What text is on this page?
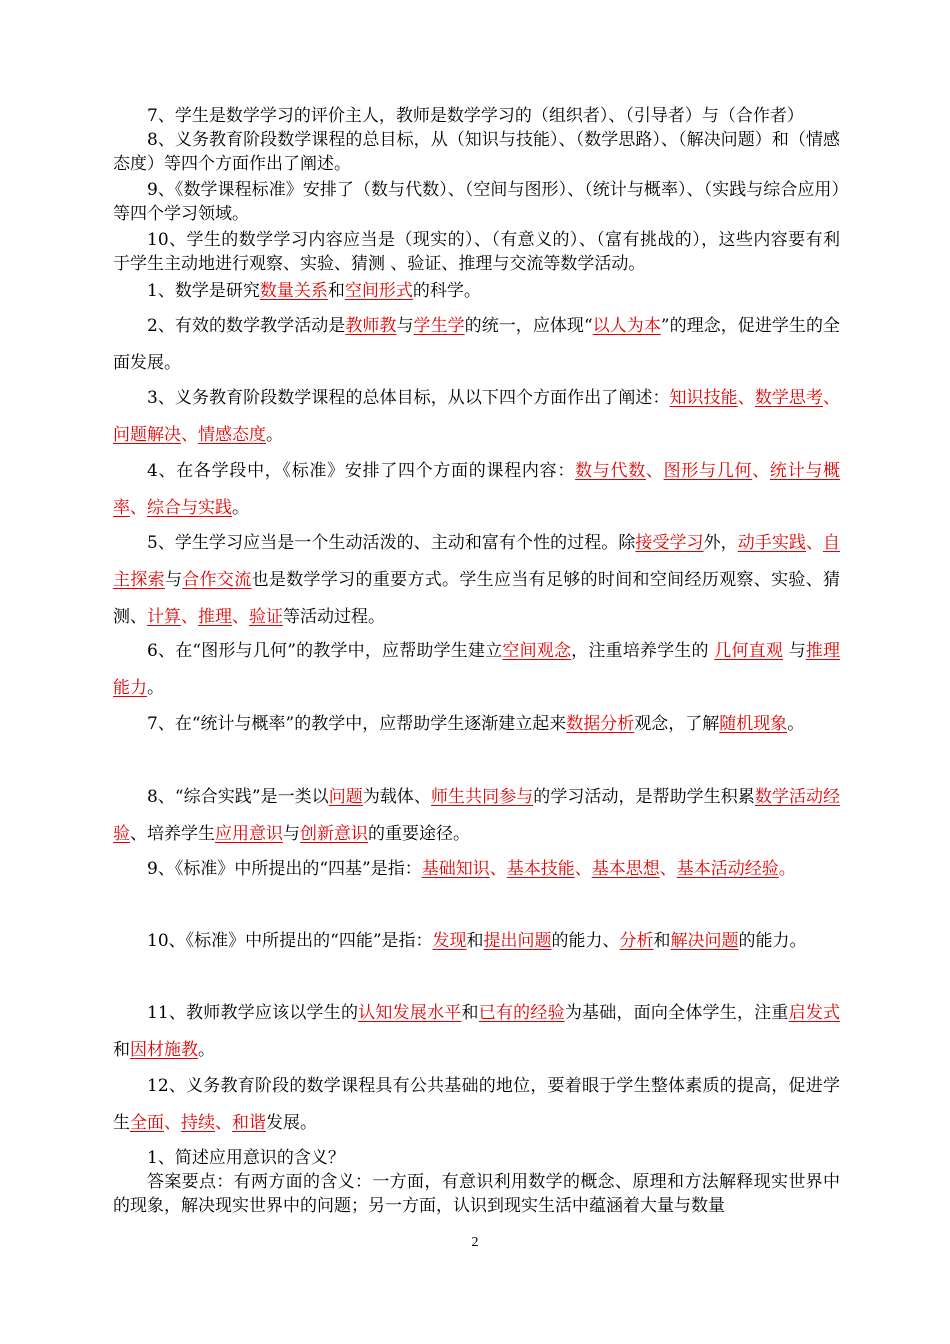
7、学生是数学学习的评价主人，教师是数学学习的（组织者）、（引导者）与（合作者）

8、义务教育阶段数学课程的总目标，从（知识与技能）、（数学思路）、（解决问题）和（情感态度）等四个方面作出了阐述。

9、《数学课程标准》安排了（数与代数）、（空间与图形）、（统计与概率）、（实践与综合应用）等四个学习领域。

10、学生的数学学习内容应当是（现实的）、（有意义的）、（富有挑战的），这些内容要有利于学生主动地进行观察、实验、猜测 、验证、推理与交流等数学活动。

1、数学是研究数量关系和空间形式的科学。

2、有效的数学教学活动是教师教与学生学的统一，应体现“以人为本”的理念，促进学生的全面发展。

3、义务教育阶段数学课程的总体目标，从以下四个方面作出了阐述：知识技能、数学思考、问题解决、情感态度。

4、在各学段中，《标准》安排了四个方面的课程内容：数与代数、图形与几何、统计与概率、综合与实践。

5、学生学习应当是一个生动活泼的、主动和富有个性的过程。除接受学习外，动手实践、自主探索与合作交流也是数学学习的重要方式。学生应当有足够的时间和空间经历观察、实验、猜测、计算、推理、验证等活动过程。

6、在“图形与几何”的教学中，应帮助学生建立空间观念，注重培养学生的 几何直观 与推理能力。

7、在“统计与概率”的教学中，应帮助学生逐渐建立起来数据分析观念，了解随机现象。

8、“综合实践”是一类以问题为载体、师生共同参与的学习活动，是帮助学生积累数学活动经验、培养学生应用意识与创新意识的重要途径。

9、《标准》中所提出的“四基”是指：基础知识、基本技能、基本思想、基本活动经验。

10、《标准》中所提出的“四能”是指：发现和提出问题的能力、分析和解决问题的能力。

11、教师教学应该以学生的认知发展水平和已有的经验为基础，面向全体学生，注重启发式和因材施教。

12、义务教育阶段的数学课程具有公共基础的地位，要着眼于学生整体素质的提高，促进学生全面、持续、和谐发展。

1、简述应用意识的含义？

答案要点：有两方面的含义：一方面，有意识利用数学的概念、原理和方法解释现实世界中的现象，解决现实世界中的问题；另一方面，认识到现实生活中蕴涵着大量与数量

2
